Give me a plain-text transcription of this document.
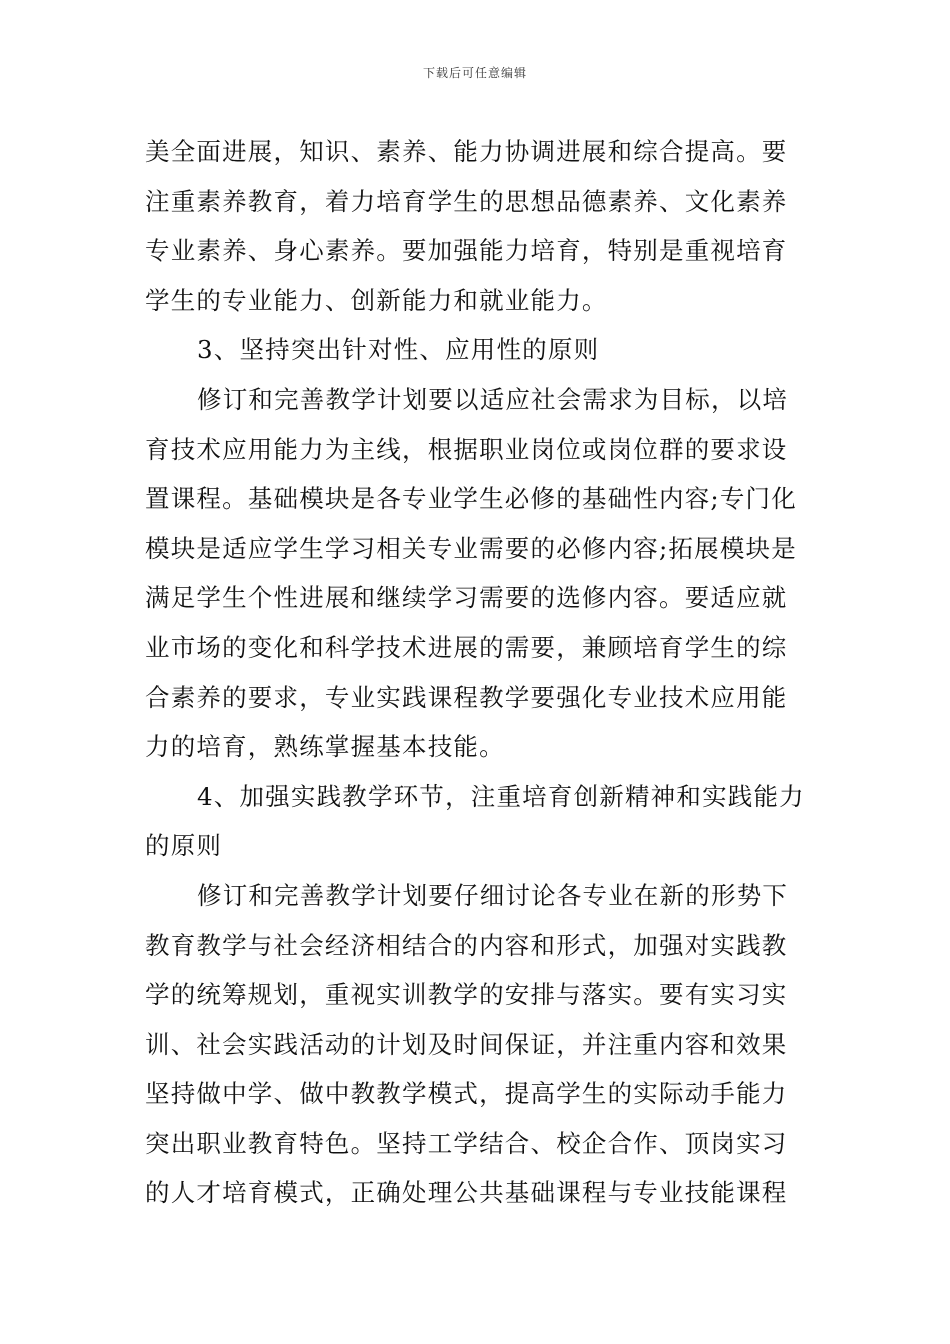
下载后可任意编辑
美全面进展，知识、素养、能力协调进展和综合提高。要
注重素养教育，着力培育学生的思想品德素养、文化素养
专业素养、身心素养。要加强能力培育，特别是重视培育
学生的专业能力、创新能力和就业能力。
3、坚持突出针对性、应用性的原则
修订和完善教学计划要以适应社会需求为目标，以培
育技术应用能力为主线，根据职业岗位或岗位群的要求设
置课程。基础模块是各专业学生必修的基础性内容;专门化
模块是适应学生学习相关专业需要的必修内容;拓展模块是
满足学生个性进展和继续学习需要的选修内容。要适应就
业市场的变化和科学技术进展的需要，兼顾培育学生的综
合素养的要求，专业实践课程教学要强化专业技术应用能
力的培育，熟练掌握基本技能。
4、加强实践教学环节，注重培育创新精神和实践能力
的原则
修订和完善教学计划要仔细讨论各专业在新的形势下
教育教学与社会经济相结合的内容和形式，加强对实践教
学的统筹规划，重视实训教学的安排与落实。要有实习实
训、社会实践活动的计划及时间保证，并注重内容和效果
坚持做中学、做中教教学模式，提高学生的实际动手能力
突出职业教育特色。坚持工学结合、校企合作、顶岗实习
的人才培育模式，正确处理公共基础课程与专业技能课程
